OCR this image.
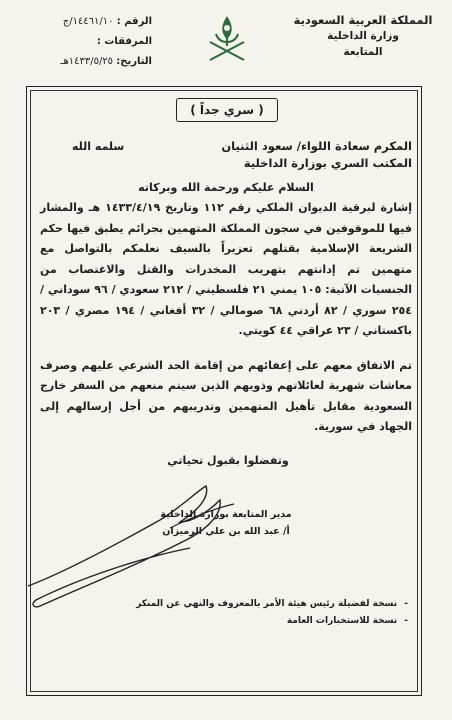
المملكة العربية السعودية
وزارة الداخلية
المتابعة
الرقم : ١٤٤٦١/١٠/ج
المرفقات :
التاريخ: ١٤٣٣/٥/٢٥هـ
( سري جداً )
المكرم سعادة اللواء/ سعود الثنيان
المكتب السري بوزارة الداخلية
سلمه الله
السلام عليكم ورحمة الله وبركاته

إشارة لبرقية الديوان الملكي رقم ١١٢ وتاريخ ١٤٣٣/٤/١٩ هـ والمشار فيها للموقوفين في سجون المملكة المتهمين بجرائم يطبق فيها حكم الشريعة الإسلامية بقتلهم تعزيراً بالسيف نعلمكم بالتواصل مع متهمين تم إدانتهم بتهريب المخدرات والقتل والاغتصاب من الجنسيات الآتية: ١٠٥ يمني ٢١ فلسطيني / ٢١٢ سعودي / ٩٦ سوداني / ٢٥٤ سوري / ٨٢ أردني ٦٨ صومالي / ٣٢ أفغاني / ١٩٤ مصري / ٢٠٣ باكستاني / ٢٣ عراقي ٤٤ كويتي.

تم الاتفاق معهم على إعفائهم من إقامة الحد الشرعي عليهم وصرف معاشات شهرية لعائلاتهم وذويهم الذين سيتم منعهم من السفر خارج السعودية مقابل تأهيل المتهمين وتدريبهم من أجل إرسالهم إلى الجهاد في سورية.

وتفضلوا بقبول تحياتي
مدير المتابعة بوزارة الداخلية
أ/ عبد الله بن علي الرميزان
- نسخة لفضيلة رئيس هيئة الأمر بالمعروف والنهي عن المنكر
- نسخة للاستخبارات العامة
